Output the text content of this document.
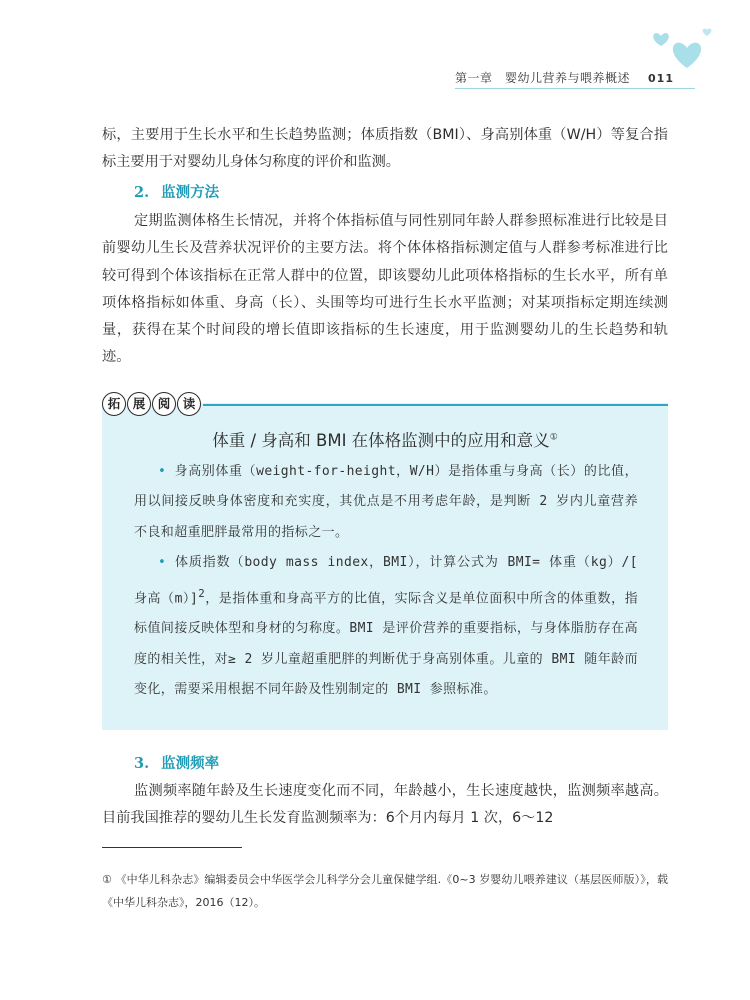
第一章　婴幼儿营养与喂养概述 011
标，主要用于生长水平和生长趋势监测；体质指数（BMI）、身高别体重（W/H）等复合指标主要用于对婴幼儿身体匀称度的评价和监测。
2. 监测方法
定期监测体格生长情况，并将个体指标值与同性别同年龄人群参照标准进行比较是目前婴幼儿生长及营养状况评价的主要方法。将个体体格指标测定值与人群参考标准进行比较可得到个体该指标在正常人群中的位置，即该婴幼儿此项体格指标的生长水平，所有单项体格指标如体重、身高（长）、头围等均可进行生长水平监测；对某项指标定期连续测量，获得在某个时间段的增长值即该指标的生长速度，用于监测婴幼儿的生长趋势和轨迹。
拓 展 阅 读
体重 / 身高和 BMI 在体格监测中的应用和意义①

• 身高别体重（weight-for-height，W/H）是指体重与身高（长）的比值，用以间接反映身体密度和充实度，其优点是不用考虑年龄，是判断 2 岁内儿童营养不良和超重肥胖最常用的指标之一。

• 体质指数（body mass index，BMI），计算公式为 BMI= 体重（kg）/[ 身高（m）]$^2$，是指体重和身高平方的比值，实际含义是单位面积中所含的体重数，指标值间接反映体型和身材的匀称度。BMI 是评价营养的重要指标，与身体脂肪存在高度的相关性，对≥ 2 岁儿童超重肥胖的判断优于身高别体重。儿童的 BMI 随年龄而变化，需要采用根据不同年龄及性别制定的 BMI 参照标准。

3. 监测频率
监测频率随年龄及生长速度变化而不同，年龄越小，生长速度越快，监测频率越高。目前我国推荐的婴幼儿生长发育监测频率为：6个月内每月 1 次，6～12
① 《中华儿科杂志》编辑委员会中华医学会儿科学分会儿童保健学组.《0~3 岁婴幼儿喂养建议（基层医师版）》，载《中华儿科杂志》，2016（12）。
